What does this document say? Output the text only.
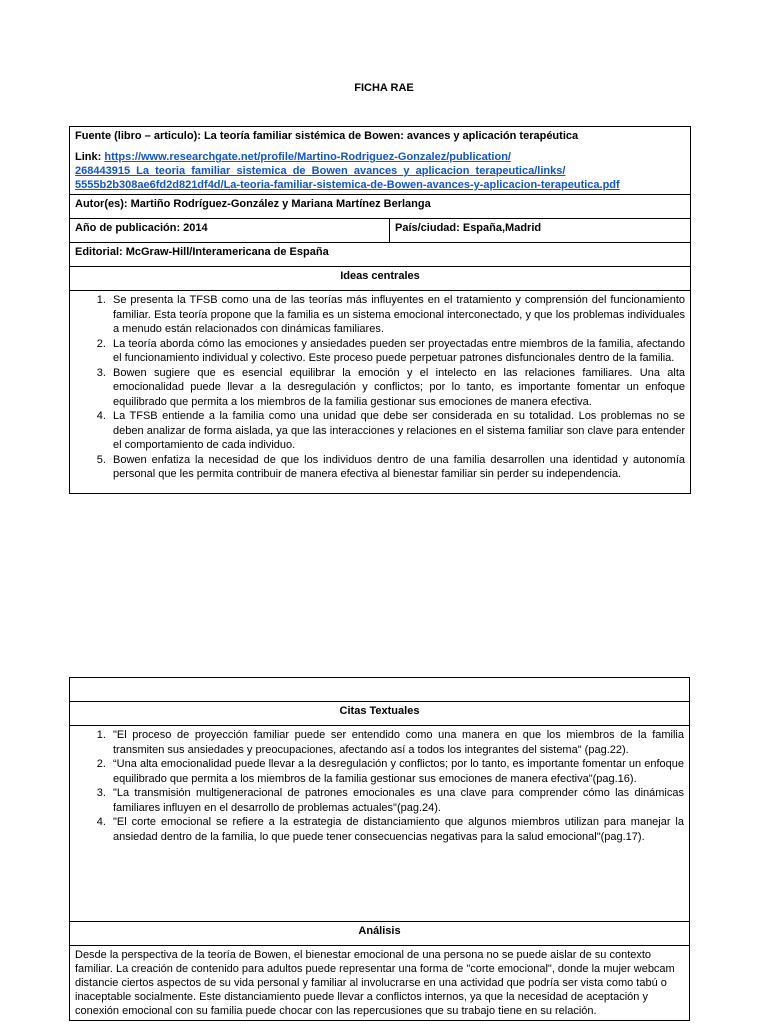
FICHA RAE
Fuente (libro – articulo): La teoría familiar sistémica de Bowen: avances y aplicación terapéutica
Link: https://www.researchgate.net/profile/Martino-Rodriguez-Gonzalez/publication/
268443915_La_teoria_familiar_sistemica_de_Bowen_avances_y_aplicacion_terapeutica/links/
5555b2b308ae6fd2d821df4d/La-teoria-familiar-sistemica-de-Bowen-avances-y-aplicacion-terapeutica.pdf

Autor(es): Martiño Rodríguez-González y Mariana Martínez Berlanga
Año de publicación: 2014	País/ciudad: España,Madrid
Editorial: McGraw-Hill/Interamericana de España
Ideas centrales

1. Se presenta la TFSB como una de las teorías más influyentes en el tratamiento y comprensión del funcionamiento familiar. Esta teoría propone que la familia es un sistema emocional interconectado, y que los problemas individuales a menudo están relacionados con dinámicas familiares.
2. La teoría aborda cómo las emociones y ansiedades pueden ser proyectadas entre miembros de la familia, afectando el funcionamiento individual y colectivo. Este proceso puede perpetuar patrones disfuncionales dentro de la familia.
3. Bowen sugiere que es esencial equilibrar la emoción y el intelecto en las relaciones familiares. Una alta emocionalidad puede llevar a la desregulación y conflictos; por lo tanto, es importante fomentar un enfoque equilibrado que permita a los miembros de la familia gestionar sus emociones de manera efectiva.
4. La TFSB entiende a la familia como una unidad que debe ser considerada en su totalidad. Los problemas no se deben analizar de forma aislada, ya que las interacciones y relaciones en el sistema familiar son clave para entender el comportamiento de cada individuo.
5. Bowen enfatiza la necesidad de que los individuos dentro de una familia desarrollen una identidad y autonomía personal que les permita contribuir de manera efectiva al bienestar familiar sin perder su independencia.

Citas Textuales

1. "El proceso de proyección familiar puede ser entendido como una manera en que los miembros de la familia transmiten sus ansiedades y preocupaciones, afectando así a todos los integrantes del sistema" (pag.22).
2. “Una alta emocionalidad puede llevar a la desregulación y conflictos; por lo tanto, es importante fomentar un enfoque equilibrado que permita a los miembros de la familia gestionar sus emociones de manera efectiva"(pag.16).
3. "La transmisión multigeneracional de patrones emocionales es una clave para comprender cómo las dinámicas familiares influyen en el desarrollo de problemas actuales"(pag.24).
4. "El corte emocional se refiere a la estrategia de distanciamiento que algunos miembros utilizan para manejar la ansiedad dentro de la familia, lo que puede tener consecuencias negativas para la salud emocional"(pag.17).

Análisis
Desde la perspectiva de la teoría de Bowen, el bienestar emocional de una persona no se puede aislar de su contexto familiar. La creación de contenido para adultos puede representar una forma de "corte emocional", donde la mujer webcam distancie ciertos aspectos de su vida personal y familiar al involucrarse en una actividad que podría ser vista como tabú o inaceptable socialmente. Este distanciamiento puede llevar a conflictos internos, ya que la necesidad de aceptación y conexión emocional con su familia puede chocar con las repercusiones que su trabajo tiene en su relación.
